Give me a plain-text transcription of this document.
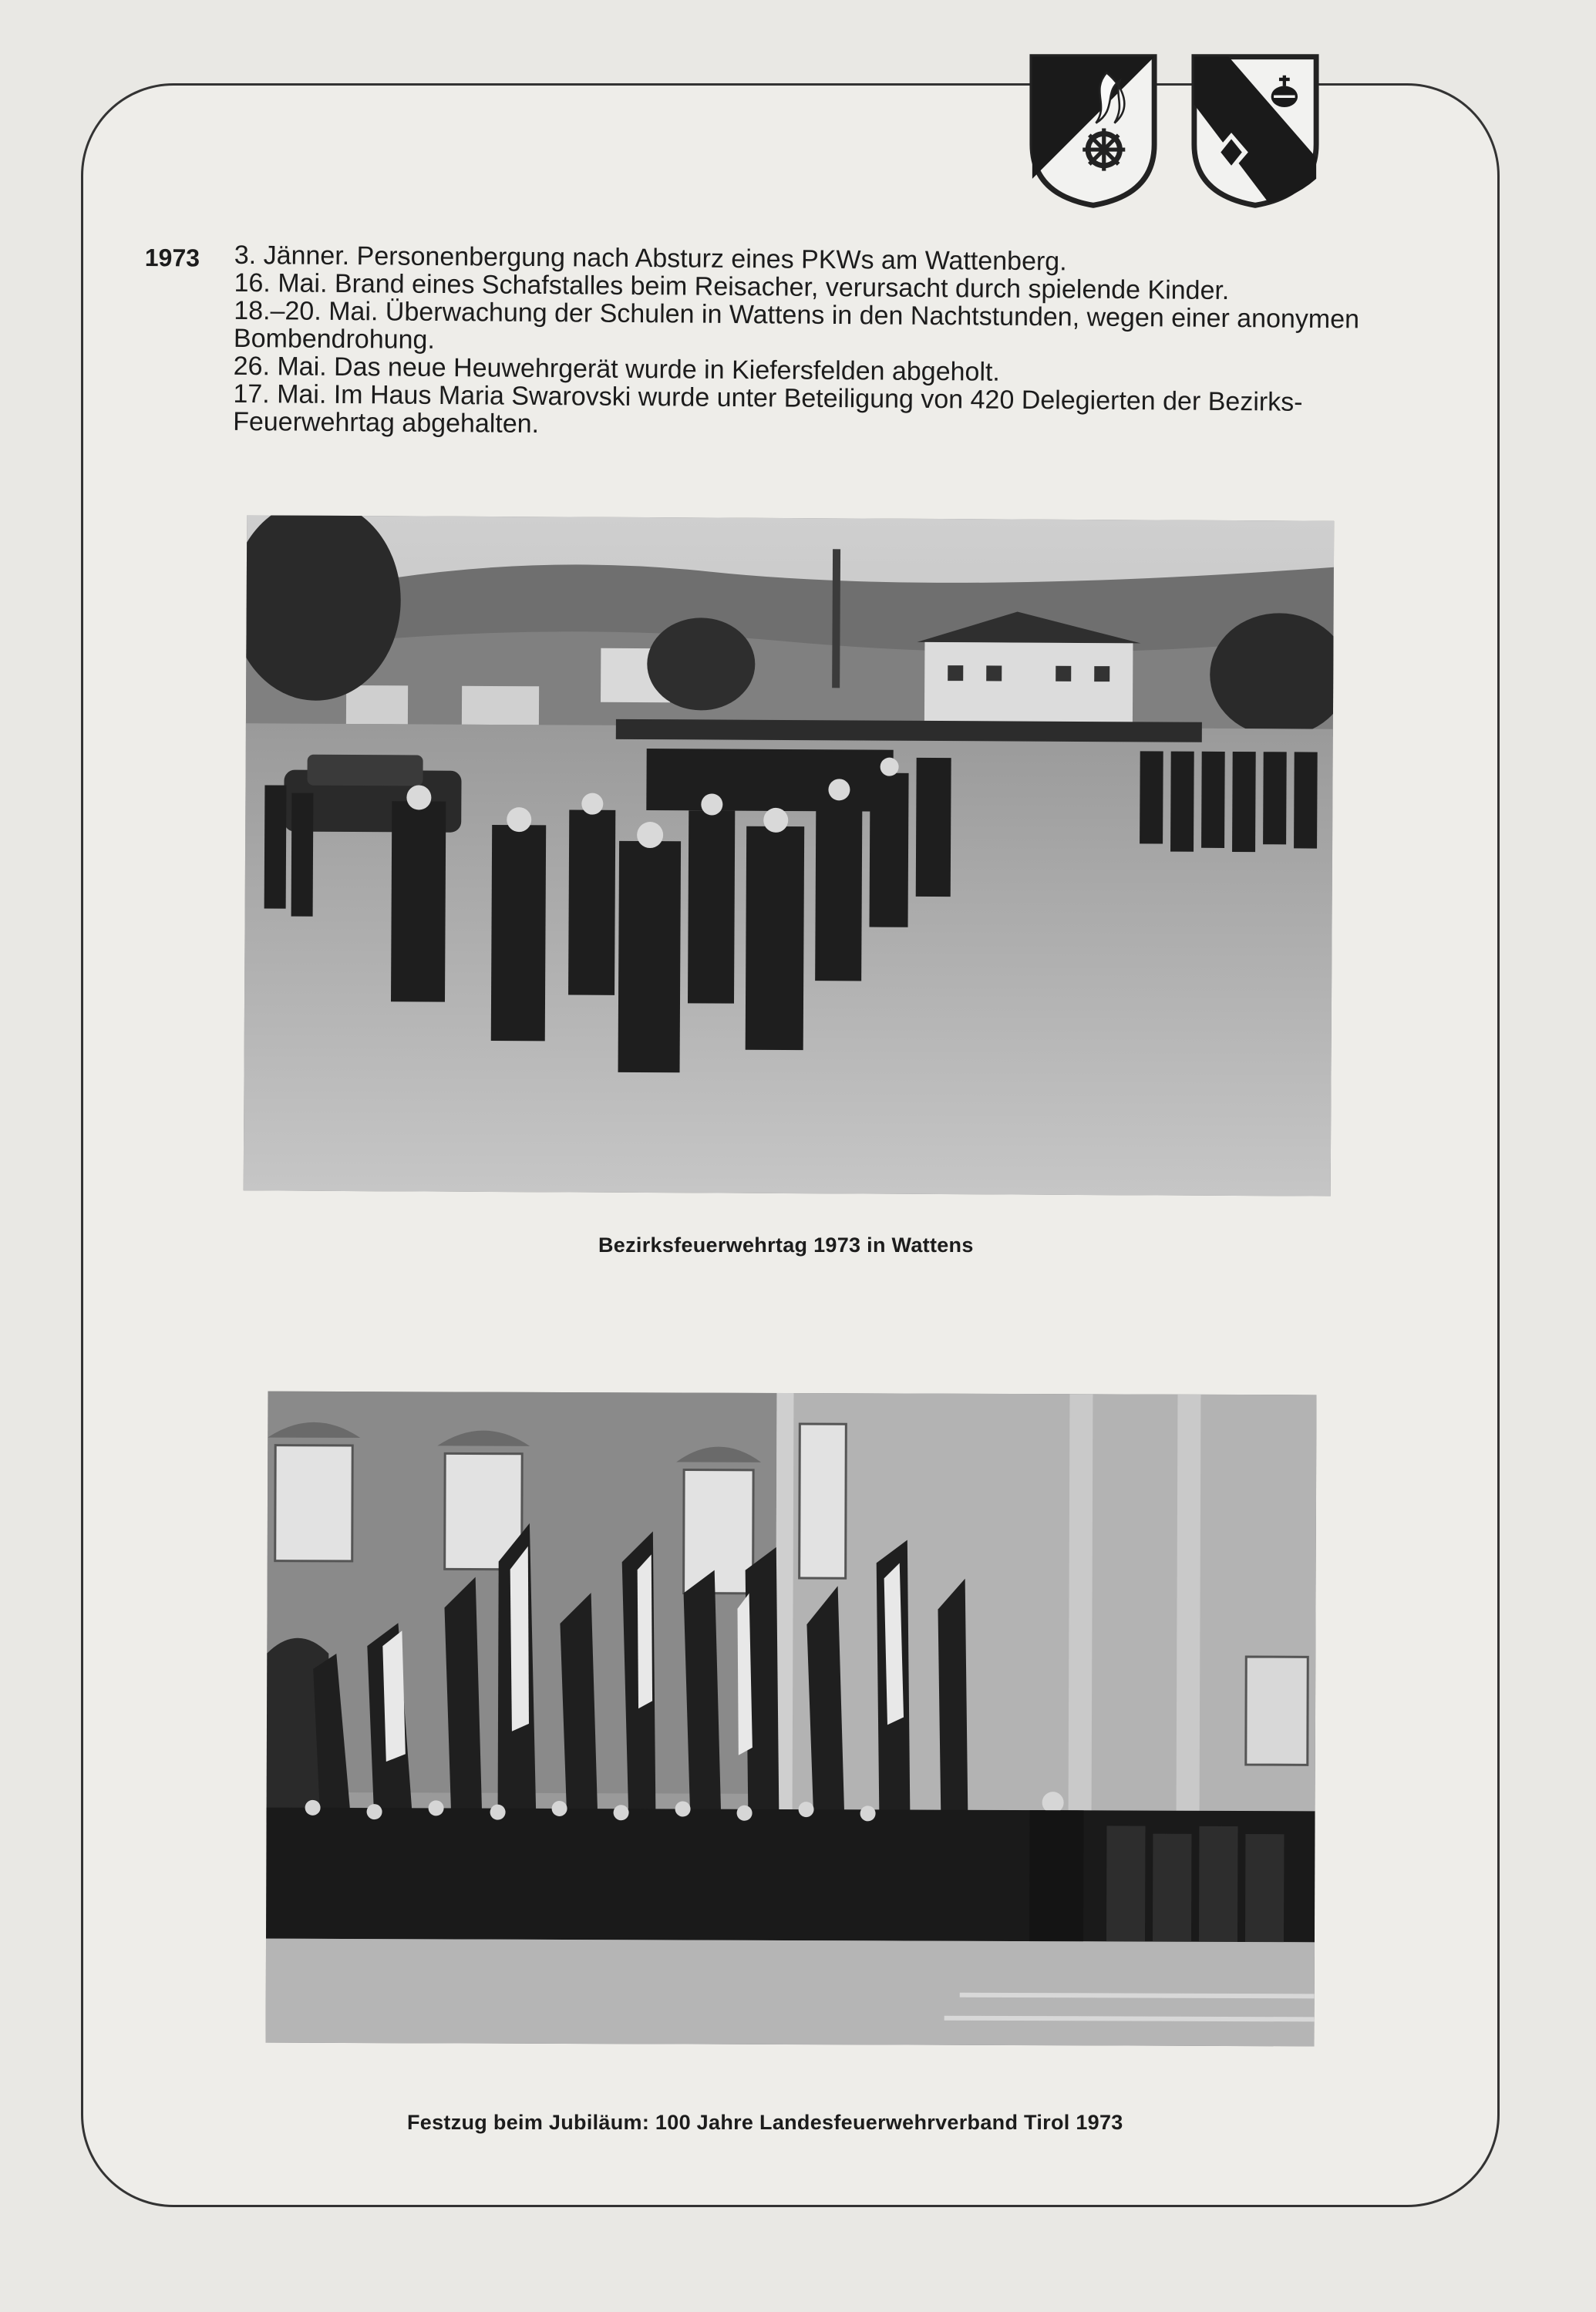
1973 3. Jänner. Personenbergung nach Absturz eines PKWs am Wattenberg.

16. Mai. Brand eines Schafstalles beim Reisacher, verursacht durch spielende Kinder.

18.–20. Mai. Überwachung der Schulen in Wattens in den Nachtstunden, wegen einer anonymen Bombendrohung.

26. Mai. Das neue Heuwehrgerät wurde in Kiefersfelden abgeholt.

17. Mai. Im Haus Maria Swarovski wurde unter Beteiligung von 420 Delegierten der Bezirks-Feuerwehrtag abgehalten.

Bezirksfeuerwehrtag 1973 in Wattens
Festzug beim Jubiläum: 100 Jahre Landesfeuerwehrverband Tirol 1973
